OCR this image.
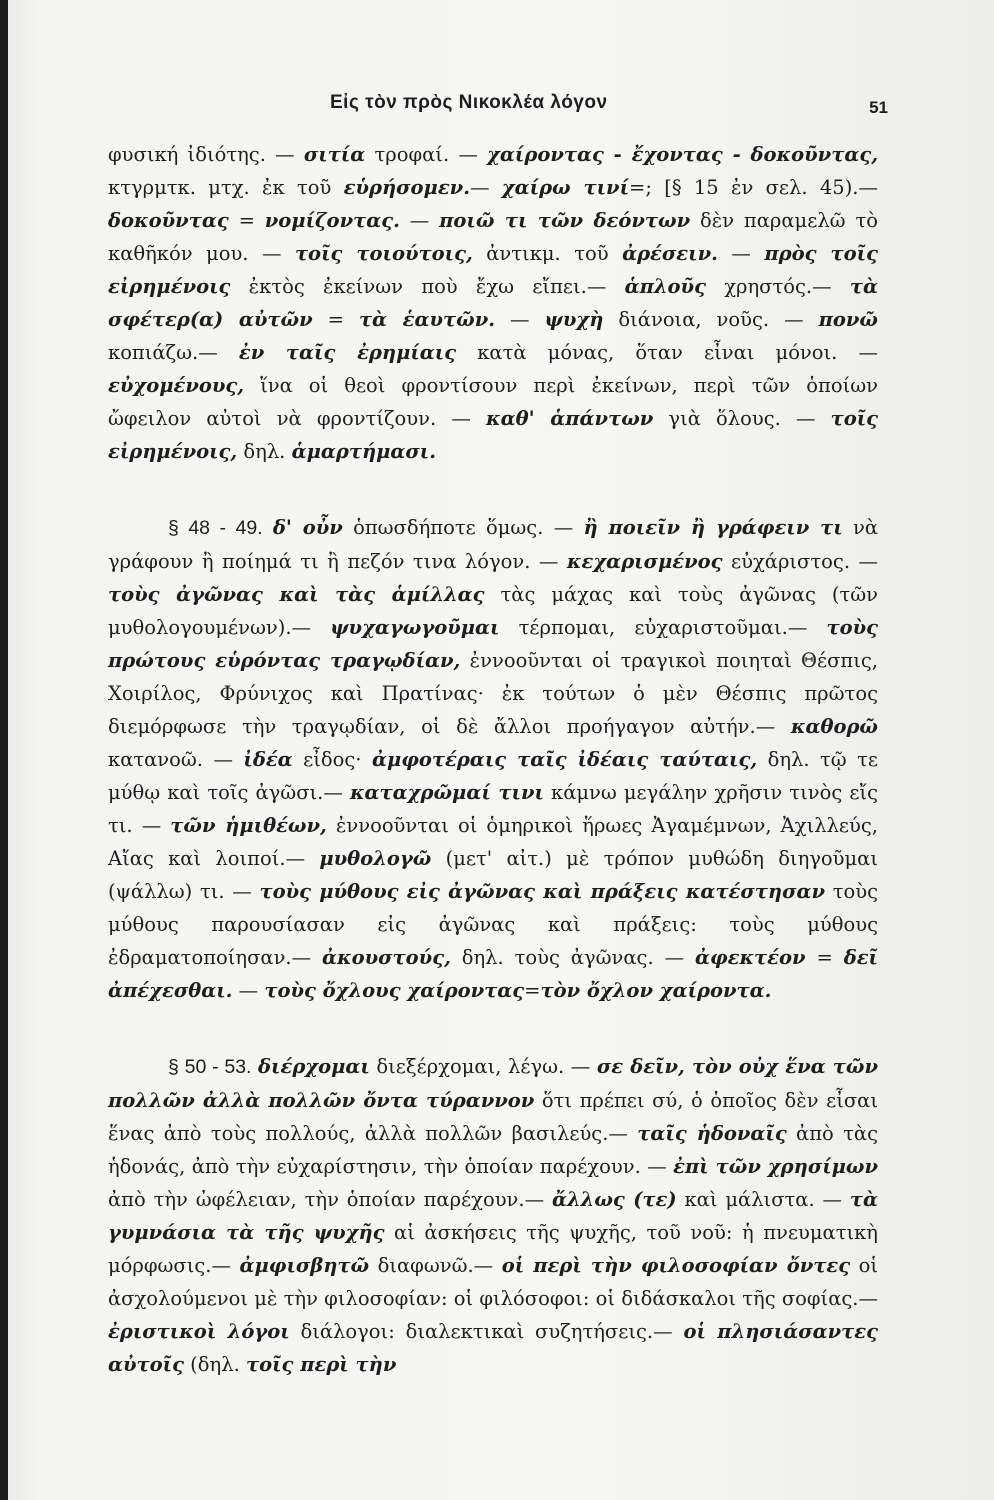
Εἰς τὸν πρὸς Νικοκλέα λόγον	51

φυσική ἰδιότης. — σιτία τροφαί. — χαίροντας - ἔχοντας - δοκοῦντας, κτγρμτκ. μτχ. ἐκ τοῦ εὑρήσομεν.— χαίρω τινί=; [§ 15 ἐν σελ. 45).— δοκοῦντας = νομίζοντας. — ποιῶ τι τῶν δεόντων δὲν παραμελῶ τὸ καθῆκόν μου. — τοῖς τοιούτοις, ἀντικμ. τοῦ ἀρέσειν. — πρὸς τοῖς εἰρημένοις ἐκτὸς ἐκείνων ποὺ ἔχω εἴπει.— ἁπλοῦς χρηστός.— τὰ σφέτερ(α) αὐτῶν = τὰ ἑαυτῶν. — ψυχὴ διάνοια, νοῦς. — πονῶ κοπιάζω.— ἐν ταῖς ἐρημίαις κατὰ μόνας, ὅταν εἶναι μόνοι. — εὐχομένους, ἵνα οἱ θεοὶ φροντίσουν περὶ ἐκείνων, περὶ τῶν ὁποίων ὤφειλον αὐτοὶ νὰ φροντίζουν. — καθ' ἁπάντων γιὰ ὅλους. — τοῖς εἰρημένοις, δηλ. ἁμαρτήμασι.

§ 48 - 49. δ' οὖν ὁπωσδήποτε ὅμως. — ἢ ποιεῖν ἢ γράφειν τι νὰ γράφουν ἢ ποίημά τι ἢ πεζόν τινα λόγον. — κεχαρισμένος εὐχάριστος. — τοὺς ἀγῶνας καὶ τὰς ἁμίλλας τὰς μάχας καὶ τοὺς ἀγῶνας (τῶν μυθολογουμένων).— ψυχαγωγοῦμαι τέρπομαι, εὐχαριστοῦμαι.— τοὺς πρώτους εὑρόντας τραγῳδίαν, ἐννοοῦνται οἱ τραγικοὶ ποιηταὶ Θέσπις, Χοιρίλος, Φρύνιχος καὶ Πρατίνας· ἐκ τούτων ὁ μὲν Θέσπις πρῶτος διεμόρφωσε τὴν τραγῳδίαν, οἱ δὲ ἄλλοι προήγαγον αὐτήν.— καθορῶ κατανοῶ. — ἰδέα εἶδος· ἀμφοτέραις ταῖς ἰδέαις ταύταις, δηλ. τῷ τε μύθῳ καὶ τοῖς ἀγῶσι.— καταχρῶμαί τινι κάμνω μεγάλην χρῆσιν τινὸς εἴς τι. — τῶν ἡμιθέων, ἐννοοῦνται οἱ ὁμηρικοὶ ἥρωες Ἀγαμέμνων, Ἀχιλλεύς, Αἴας καὶ λοιποί.— μυθολογῶ (μετ' αἰτ.) μὲ τρόπον μυθώδη διηγοῦμαι (ψάλλω) τι. — τοὺς μύθους εἰς ἀγῶνας καὶ πράξεις κατέστησαν τοὺς μύθους παρουσίασαν εἰς ἀγῶνας καὶ πράξεις: τοὺς μύθους ἐδραματοποίησαν.— ἀκουστούς, δηλ. τοὺς ἀγῶνας. — ἀφεκτέον = δεῖ ἀπέχεσθαι. — τοὺς ὄχλους χαίροντας=τὸν ὄχλον χαίροντα.

§ 50 - 53. διέρχομαι διεξέρχομαι, λέγω. — σε δεῖν, τὸν οὐχ ἕνα τῶν πολλῶν ἀλλὰ πολλῶν ὄντα τύραννον ὅτι πρέπει σύ, ὁ ὁποῖος δὲν εἶσαι ἕνας ἀπὸ τοὺς πολλούς, ἀλλὰ πολλῶν βασιλεύς.— ταῖς ἡδοναῖς ἀπὸ τὰς ἡδονάς, ἀπὸ τὴν εὐχαρίστησιν, τὴν ὁποίαν παρέχουν. — ἐπὶ τῶν χρησίμων ἀπὸ τὴν ὠφέλειαν, τὴν ὁποίαν παρέχουν.— ἄλλως (τε) καὶ μάλιστα. — τὰ γυμνάσια τὰ τῆς ψυχῆς αἱ ἀσκήσεις τῆς ψυχῆς, τοῦ νοῦ: ἡ πνευματικὴ μόρφωσις.— ἀμφισβητῶ διαφωνῶ.— οἱ περὶ τὴν φιλοσοφίαν ὄντες οἱ ἀσχολούμενοι μὲ τὴν φιλοσοφίαν: οἱ φιλόσοφοι: οἱ διδάσκαλοι τῆς σοφίας.— ἐριστικοὶ λόγοι διάλογοι: διαλεκτικαὶ συζητήσεις.— οἱ πλησιάσαντες αὐτοῖς (δηλ. τοῖς περὶ τὴν
